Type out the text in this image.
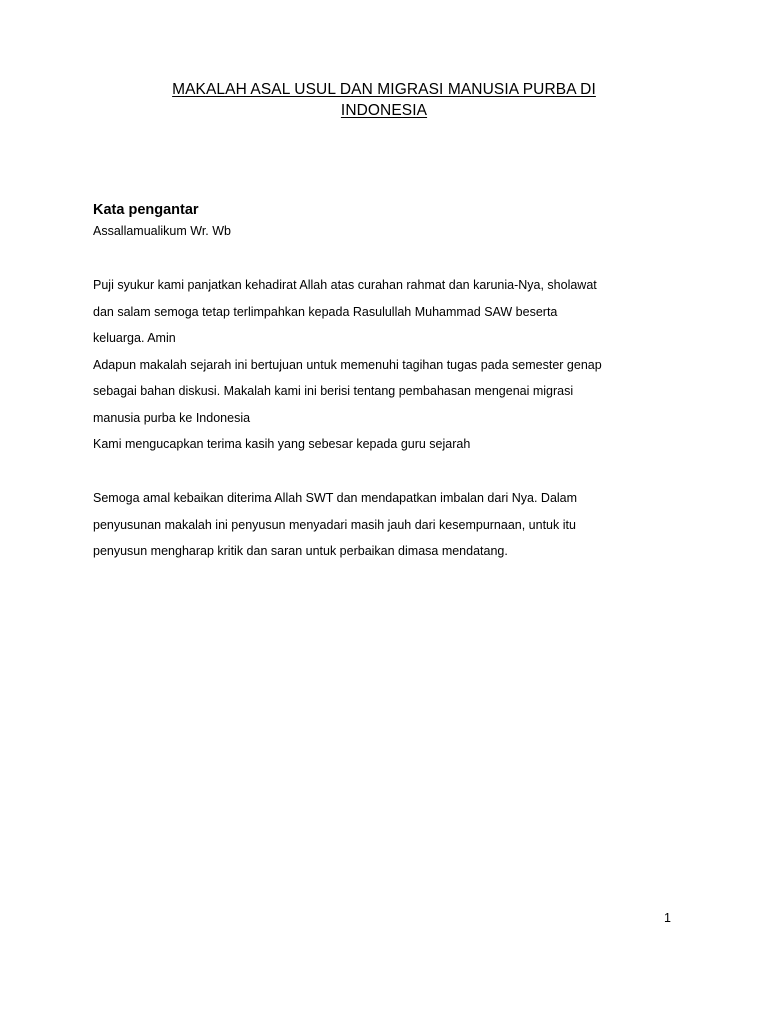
MAKALAH ASAL USUL DAN MIGRASI MANUSIA PURBA DI
INDONESIA
Kata pengantar
Assallamualikum Wr. Wb
Puji syukur kami panjatkan kehadirat Allah atas curahan rahmat dan karunia-Nya, sholawat
dan salam semoga tetap terlimpahkan kepada Rasulullah Muhammad SAW beserta
keluarga. Amin
Adapun makalah sejarah ini bertujuan untuk memenuhi tagihan tugas pada semester genap
sebagai bahan diskusi. Makalah kami ini berisi tentang pembahasan mengenai migrasi
manusia purba ke Indonesia
Kami mengucapkan terima kasih yang sebesar kepada guru sejarah
Semoga amal kebaikan diterima Allah SWT dan mendapatkan imbalan dari Nya. Dalam
penyusunan makalah ini penyusun menyadari masih jauh dari kesempurnaan, untuk itu
penyusun mengharap kritik dan saran untuk perbaikan dimasa mendatang.
1
